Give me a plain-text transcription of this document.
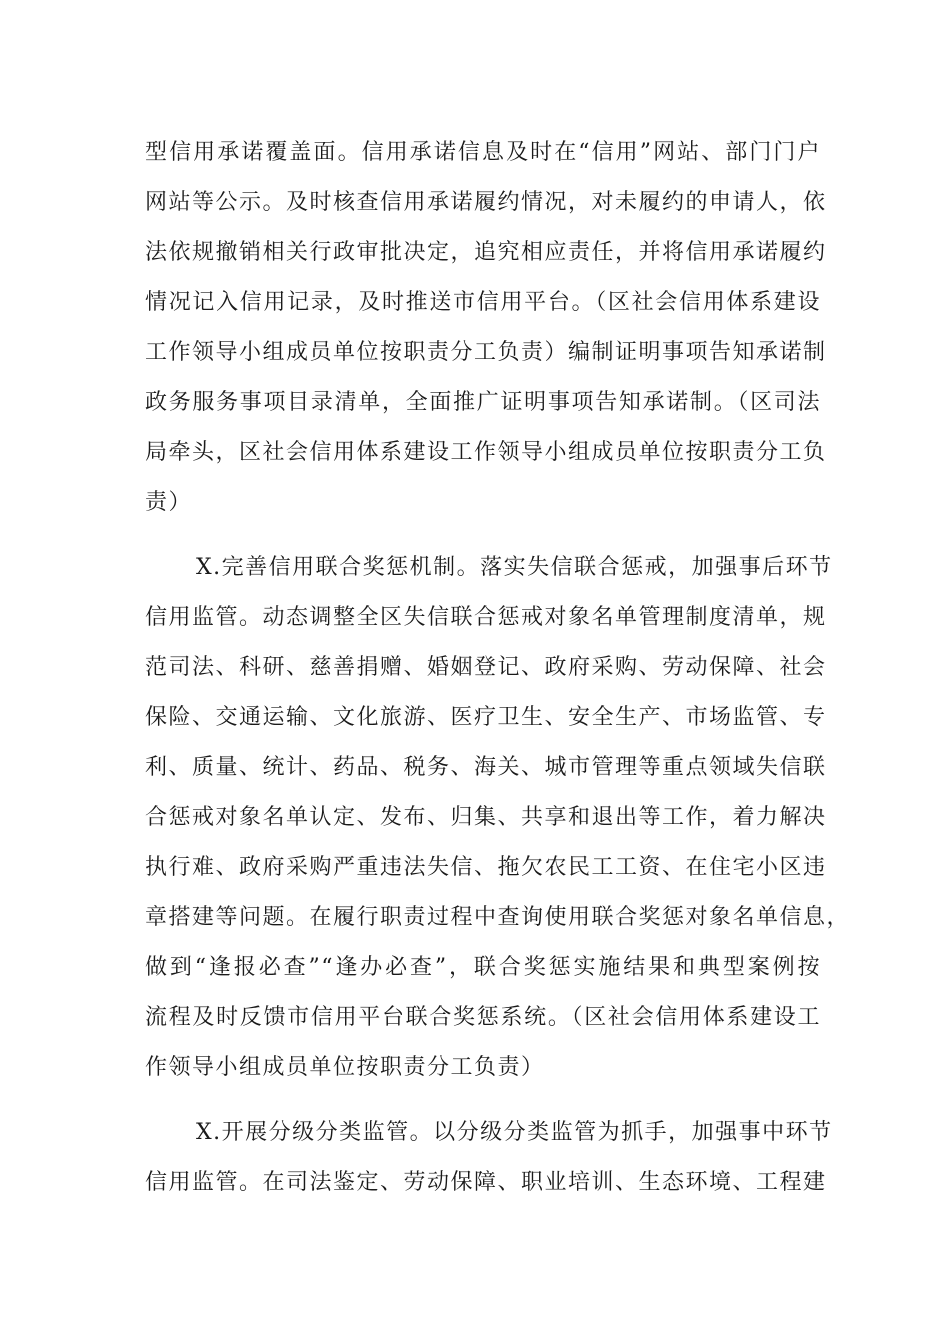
型信用承诺覆盖面。信用承诺信息及时在“信用”网站、部门门户
网站等公示。及时核查信用承诺履约情况，对未履约的申请人，依
法依规撤销相关行政审批决定，追究相应责任，并将信用承诺履约
情况记入信用记录，及时推送市信用平台。（区社会信用体系建设
工作领导小组成员单位按职责分工负责）编制证明事项告知承诺制
政务服务事项目录清单，全面推广证明事项告知承诺制。（区司法
局牵头，区社会信用体系建设工作领导小组成员单位按职责分工负
责）
X.完善信用联合奖惩机制。落实失信联合惩戒，加强事后环节
信用监管。动态调整全区失信联合惩戒对象名单管理制度清单，规
范司法、科研、慈善捐赠、婚姻登记、政府采购、劳动保障、社会
保险、交通运输、文化旅游、医疗卫生、安全生产、市场监管、专
利、质量、统计、药品、税务、海关、城市管理等重点领域失信联
合惩戒对象名单认定、发布、归集、共享和退出等工作，着力解决
执行难、政府采购严重违法失信、拖欠农民工工资、在住宅小区违
章搭建等问题。在履行职责过程中查询使用联合奖惩对象名单信息，
做到“逢报必查”“逢办必查”，联合奖惩实施结果和典型案例按
流程及时反馈市信用平台联合奖惩系统。（区社会信用体系建设工
作领导小组成员单位按职责分工负责）
X.开展分级分类监管。以分级分类监管为抓手，加强事中环节
信用监管。在司法鉴定、劳动保障、职业培训、生态环境、工程建
